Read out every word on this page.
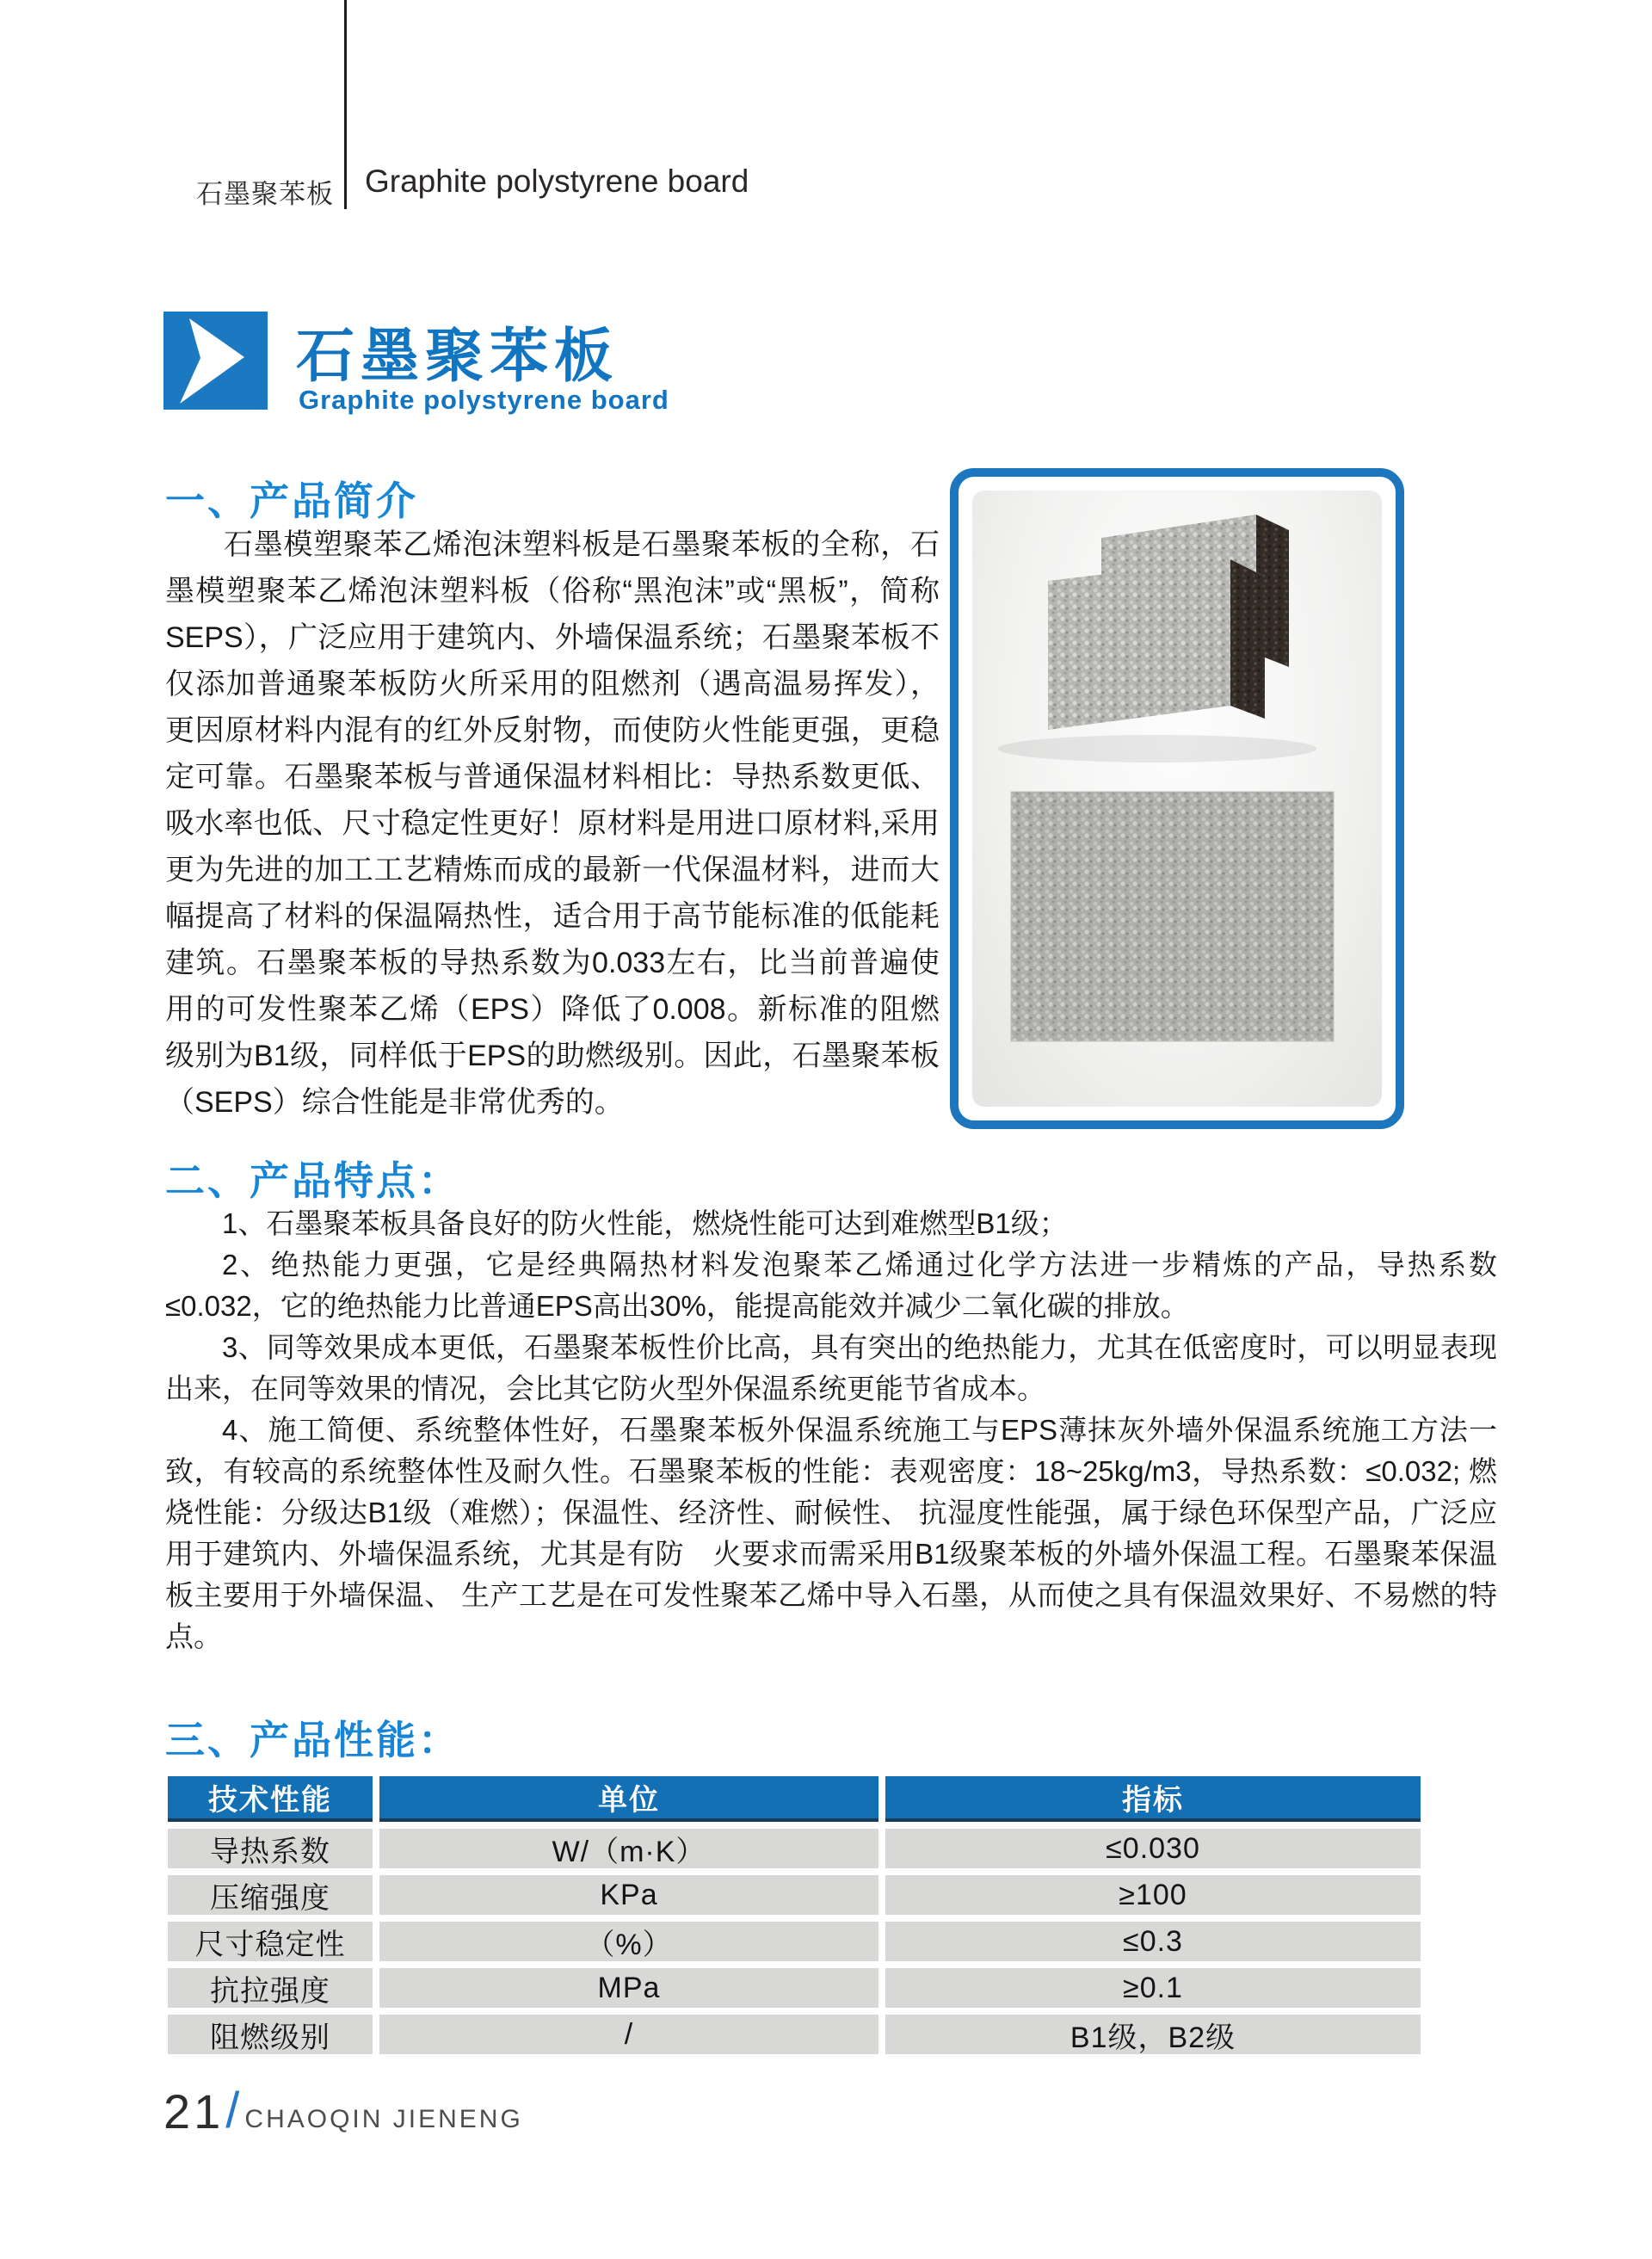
石墨聚苯板 Graphite polystyrene board
石墨聚苯板
Graphite polystyrene board
一、产品简介
石墨模塑聚苯乙烯泡沫塑料板是石墨聚苯板的全称，石墨模塑聚苯乙烯泡沫塑料板（俗称“黑泡沫”或“黑板”，简称SEPS），广泛应用于建筑内、外墙保温系统；石墨聚苯板不仅添加普通聚苯板防火所采用的阻燃剂（遇高温易挥发），更因原材料内混有的红外反射物，而使防火性能更强，更稳定可靠。石墨聚苯板与普通保温材料相比：导热系数更低、吸水率也低、尺寸稳定性更好！原材料是用进口原材料,采用更为先进的加工工艺精炼而成的最新一代保温材料，进而大幅提高了材料的保温隔热性，适合用于高节能标准的低能耗建筑。石墨聚苯板的导热系数为0.033左右，比当前普遍使用的可发性聚苯乙烯（EPS）降低了0.008。新标准的阻燃级别为B1级，同样低于EPS的助燃级别。因此，石墨聚苯板（SEPS）综合性能是非常优秀的。
二、产品特点：

1、石墨聚苯板具备良好的防火性能，燃烧性能可达到难燃型B1级；

2、绝热能力更强，它是经典隔热材料发泡聚苯乙烯通过化学方法进一步精炼的产品，导热系数≤0.032，它的绝热能力比普通EPS高出30%，能提高能效并减少二氧化碳的排放。

3、同等效果成本更低，石墨聚苯板性价比高，具有突出的绝热能力，尤其在低密度时，可以明显表现出来，在同等效果的情况，会比其它防火型外保温系统更能节省成本。

4、施工简便、系统整体性好，石墨聚苯板外保温系统施工与EPS薄抹灰外墙外保温系统施工方法一致，有较高的系统整体性及耐久性。石墨聚苯板的性能：表观密度：18~25kg/m3，导热系数：≤0.032; 燃烧性能：分级达B1级（难燃）；保温性、经济性、耐候性、 抗湿度性能强，属于绿色环保型产品，广泛应用于建筑内、外墙保温系统，尤其是有防　火要求而需采用B1级聚苯板的外墙外保温工程。石墨聚苯保温板主要用于外墙保温、 生产工艺是在可发性聚苯乙烯中导入石墨，从而使之具有保温效果好、不易燃的特点。

三、产品性能：
技术性能	单位	指标
导热系数	W/（m·K）	≤0.030
压缩强度	KPa	≥100
尺寸稳定性	（%）	≤0.3
抗拉强度	MPa	≥0.1
阻燃级别	/	B1级，B2级
21 / CHAOQIN JIENENG
